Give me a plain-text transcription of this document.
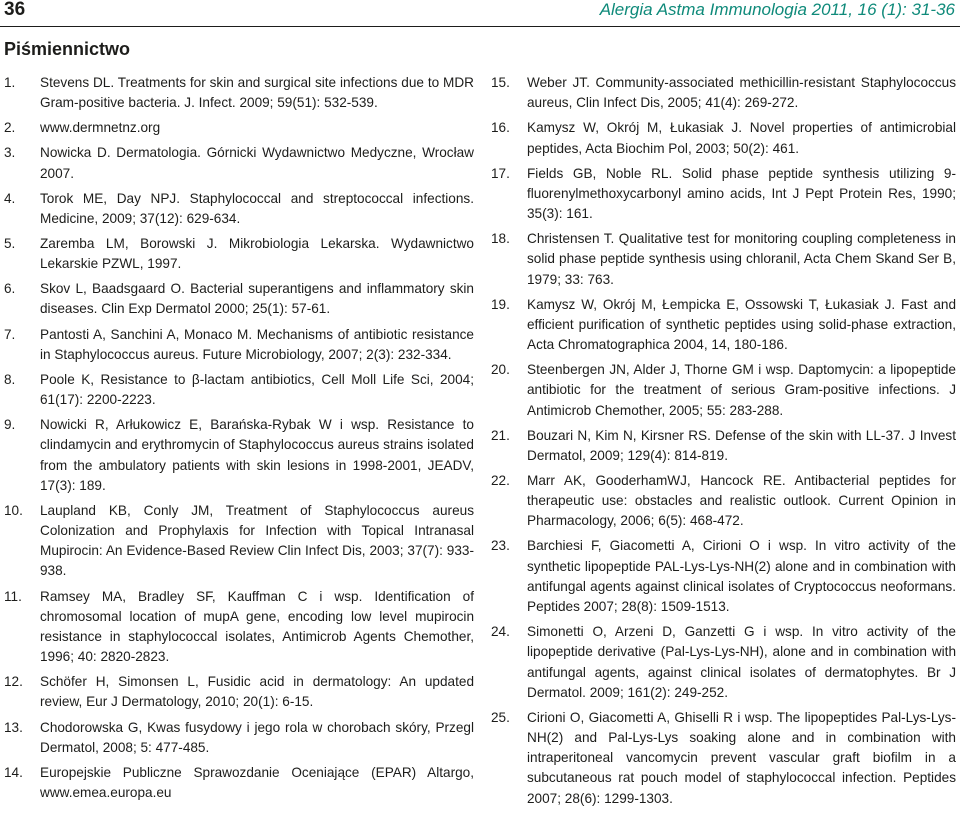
36	Alergia Astma Immunologia 2011, 16 (1): 31-36
Piśmiennictwo
1.	Stevens DL. Treatments for skin and surgical site infections due to MDR Gram-positive bacteria. J. Infect. 2009; 59(51): 532-539.
2.	www.dermnetnz.org
3.	Nowicka D. Dermatologia. Górnicki Wydawnictwo Medyczne, Wrocław 2007.
4.	Torok ME, Day NPJ. Staphylococcal and streptococcal infections. Medicine, 2009; 37(12): 629-634.
5.	Zaremba LM, Borowski J. Mikrobiologia Lekarska. Wydawnictwo Lekarskie PZWL, 1997.
6.	Skov L, Baadsgaard O. Bacterial superantigens and inflammatory skin diseases. Clin Exp Dermatol 2000; 25(1): 57-61.
7.	Pantosti A, Sanchini A, Monaco M. Mechanisms of antibiotic resistance in Staphylococcus aureus. Future Microbiology, 2007; 2(3): 232-334.
8.	Poole K, Resistance to β-lactam antibiotics, Cell Moll Life Sci, 2004; 61(17): 2200-2223.
9.	Nowicki R, Arłukowicz E, Barańska-Rybak W i wsp. Resistance to clindamycin and erythromycin of Staphylococcus aureus strains isolated from the ambulatory patients with skin lesions in 1998-2001, JEADV, 17(3): 189.
10.	Laupland KB, Conly JM, Treatment of Staphylococcus aureus Colonization and Prophylaxis for Infection with Topical Intranasal Mupirocin: An Evidence-Based Review Clin Infect Dis, 2003; 37(7): 933-938.
11.	Ramsey MA, Bradley SF, Kauffman C i wsp. Identification of chromosomal location of mupA gene, encoding low level mupirocin resistance in staphylococcal isolates, Antimicrob Agents Chemother, 1996; 40: 2820-2823.
12.	Schöfer H, Simonsen L, Fusidic acid in dermatology: An updated review, Eur J Dermatology, 2010; 20(1): 6-15.
13.	Chodorowska G, Kwas fusydowy i jego rola w chorobach skóry, Przegl Dermatol, 2008; 5: 477-485.
14.	Europejskie Publiczne Sprawozdanie Oceniające (EPAR) Altargo, www.emea.europa.eu
15.	Weber JT. Community-associated methicillin-resistant Staphylococcus aureus, Clin Infect Dis, 2005; 41(4): 269-272.
16.	Kamysz W, Okrój M, Łukasiak J. Novel properties of antimicrobial peptides, Acta Biochim Pol, 2003; 50(2): 461.
17.	Fields GB, Noble RL. Solid phase peptide synthesis utilizing 9-fluorenylmethoxycarbonyl amino acids, Int J Pept Protein Res, 1990; 35(3): 161.
18.	Christensen T. Qualitative test for monitoring coupling completeness in solid phase peptide synthesis using chloranil, Acta Chem Skand Ser B, 1979; 33: 763.
19.	Kamysz W, Okrój M, Łempicka E, Ossowski T, Łukasiak J. Fast and efficient purification of synthetic peptides using solid-phase extraction, Acta Chromatographica 2004, 14, 180-186.
20.	Steenbergen JN, Alder J, Thorne GM i wsp. Daptomycin: a lipopeptide antibiotic for the treatment of serious Gram-positive infections. J Antimicrob Chemother, 2005; 55: 283-288.
21.	Bouzari N, Kim N, Kirsner RS. Defense of the skin with LL-37. J Invest Dermatol, 2009; 129(4): 814-819.
22.	Marr AK, GooderhamWJ, Hancock RE. Antibacterial peptides for therapeutic use: obstacles and realistic outlook. Current Opinion in Pharmacology, 2006; 6(5): 468-472.
23.	Barchiesi F, Giacometti A, Cirioni O i wsp. In vitro activity of the synthetic lipopeptide PAL-Lys-Lys-NH(2) alone and in combination with antifungal agents against clinical isolates of Cryptococcus neoformans. Peptides 2007; 28(8): 1509-1513.
24.	Simonetti O, Arzeni D, Ganzetti G i wsp. In vitro activity of the lipopeptide derivative (Pal-Lys-Lys-NH), alone and in combination with antifungal agents, against clinical isolates of dermatophytes. Br J Dermatol. 2009; 161(2): 249-252.
25.	Cirioni O, Giacometti A, Ghiselli R i wsp. The lipopeptides Pal-Lys-Lys-NH(2) and Pal-Lys-Lys soaking alone and in combination with intraperitoneal vancomycin prevent vascular graft biofilm in a subcutaneous rat pouch model of staphylococcal infection. Peptides 2007; 28(6): 1299-1303.
